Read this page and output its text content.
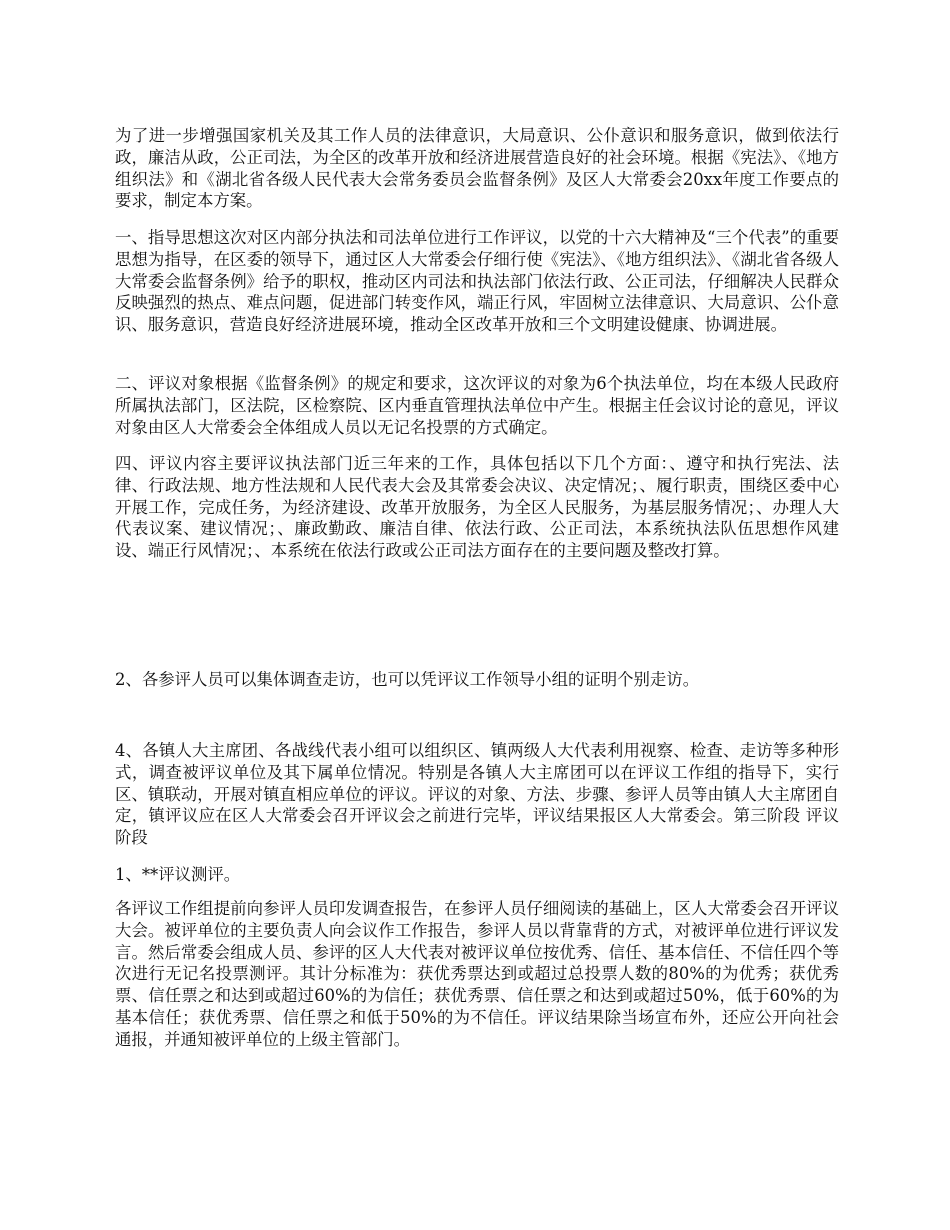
为了进一步增强国家机关及其工作人员的法律意识，大局意识、公仆意识和服务意识，做到依法行政，廉洁从政，公正司法，为全区的改革开放和经济进展营造良好的社会环境。根据《宪法》、《地方组织法》和《湖北省各级人民代表大会常务委员会监督条例》及区人大常委会20xx年度工作要点的要求，制定本方案。

一、指导思想这次对区内部分执法和司法单位进行工作评议，以党的十六大精神及“三个代表”的重要思想为指导，在区委的领导下，通过区人大常委会仔细行使《宪法》、《地方组织法》、《湖北省各级人大常委会监督条例》给予的职权，推动区内司法和执法部门依法行政、公正司法，仔细解决人民群众反映强烈的热点、难点问题，促进部门转变作风，端正行风，牢固树立法律意识、大局意识、公仆意识、服务意识，营造良好经济进展环境，推动全区改革开放和三个文明建设健康、协调进展。

二、评议对象根据《监督条例》的规定和要求，这次评议的对象为6个执法单位，均在本级人民政府所属执法部门，区法院，区检察院、区内垂直管理执法单位中产生。根据主任会议讨论的意见，评议对象由区人大常委会全体组成人员以无记名投票的方式确定。

四、评议内容主要评议执法部门近三年来的工作，具体包括以下几个方面：、遵守和执行宪法、法律、行政法规、地方性法规和人民代表大会及其常委会决议、决定情况；、履行职责，围绕区委中心开展工作，完成任务，为经济建设、改革开放服务，为全区人民服务，为基层服务情况；、办理人大代表议案、建议情况；、廉政勤政、廉洁自律、依法行政、公正司法，本系统执法队伍思想作风建设、端正行风情况；、本系统在依法行政或公正司法方面存在的主要问题及整改打算。

2、各参评人员可以集体调查走访，也可以凭评议工作领导小组的证明个别走访。

4、各镇人大主席团、各战线代表小组可以组织区、镇两级人大代表利用视察、检查、走访等多种形式，调查被评议单位及其下属单位情况。特别是各镇人大主席团可以在评议工作组的指导下，实行区、镇联动，开展对镇直相应单位的评议。评议的对象、方法、步骤、参评人员等由镇人大主席团自定，镇评议应在区人大常委会召开评议会之前进行完毕，评议结果报区人大常委会。第三阶段 评议阶段

1、**评议测评。

各评议工作组提前向参评人员印发调查报告，在参评人员仔细阅读的基础上，区人大常委会召开评议大会。被评单位的主要负责人向会议作工作报告，参评人员以背靠背的方式，对被评单位进行评议发言。然后常委会组成人员、参评的区人大代表对被评议单位按优秀、信任、基本信任、不信任四个等次进行无记名投票测评。其计分标准为：获优秀票达到或超过总投票人数的80%的为优秀；获优秀票、信任票之和达到或超过60%的为信任；获优秀票、信任票之和达到或超过50%，低于60%的为基本信任；获优秀票、信任票之和低于50%的为不信任。评议结果除当场宣布外，还应公开向社会通报，并通知被评单位的上级主管部门。
